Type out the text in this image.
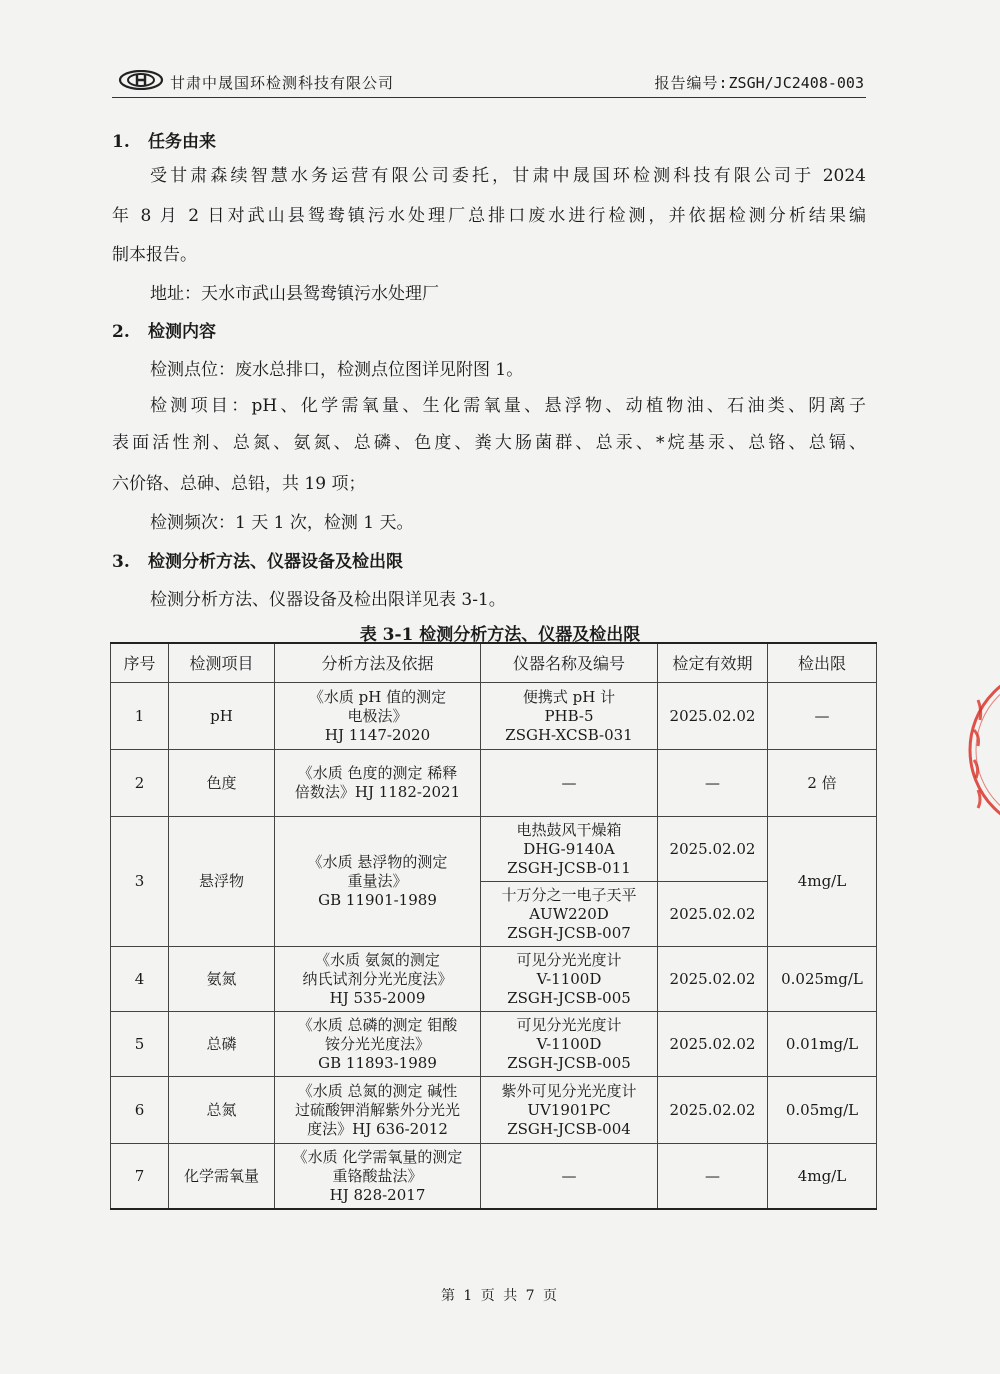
甘肃中晟国环检测科技有限公司	报告编号:ZSGH/JC2408-003
1. 任务由来
受甘肃森续智慧水务运营有限公司委托，甘肃中晟国环检测科技有限公司于 2024
年 8 月 2 日对武山县鸳鸯镇污水处理厂总排口废水进行检测，并依据检测分析结果编
制本报告。
地址：天水市武山县鸳鸯镇污水处理厂
2. 检测内容
检测点位：废水总排口，检测点位图详见附图 1。
检测项目：pH、化学需氧量、生化需氧量、悬浮物、动植物油、石油类、阴离子
表面活性剂、总氮、氨氮、总磷、色度、粪大肠菌群、总汞、*烷基汞、总铬、总镉、
六价铬、总砷、总铅，共 19 项；
检测频次：1 天 1 次，检测 1 天。
3. 检测分析方法、仪器设备及检出限
检测分析方法、仪器设备及检出限详见表 3-1。
表 3-1 检测分析方法、仪器及检出限
序号	检测项目	分析方法及依据	仪器名称及编号	检定有效期	检出限
1	pH	《水质 pH 值的测定
电极法》
HJ 1147-2020	便携式 pH 计
PHB-5
ZSGH-XCSB-031	2025.02.02	—
2	色度	《水质 色度的测定 稀释
倍数法》HJ 1182-2021	—	—	2 倍
3	悬浮物	《水质 悬浮物的测定
重量法》
GB 11901-1989	电热鼓风干燥箱
DHG-9140A
ZSGH-JCSB-011	2025.02.02	4mg/L

			十万分之一电子天平
AUW220D
ZSGH-JCSB-007	2025.02.02	
4	氨氮	《水质 氨氮的测定
纳氏试剂分光光度法》
HJ 535-2009	可见分光光度计
V-1100D
ZSGH-JCSB-005	2025.02.02	0.025mg/L
5	总磷	《水质 总磷的测定 钼酸
铵分光光度法》
GB 11893-1989	可见分光光度计
V-1100D
ZSGH-JCSB-005	2025.02.02	0.01mg/L
6	总氮	《水质 总氮的测定 碱性
过硫酸钾消解紫外分光光
度法》HJ 636-2012	紫外可见分光光度计
UV1901PC
ZSGH-JCSB-004	2025.02.02	0.05mg/L
7	化学需氧量	《水质 化学需氧量的测定
重铬酸盐法》
HJ 828-2017	—	—	4mg/L
第 1 页 共 7 页
